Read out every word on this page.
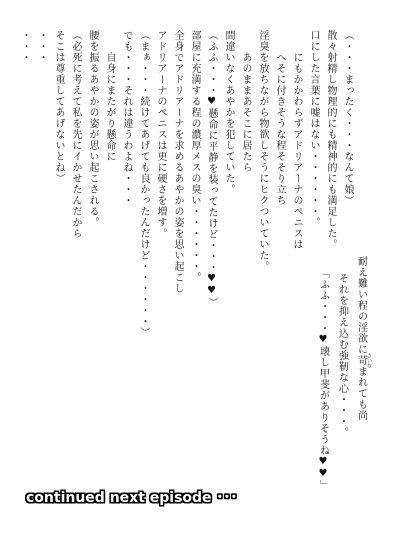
（・・・まったく・・・なんて娘）
散々射精し物理的にも精神的にも満足した。
口にした言葉に嘘はない・・・・・・。
にもかかわらずアドリアーナのペニスは
へそに付きそうな程そそり立ち
淫臭を放ちながら物欲しそうにヒクついていた。
あのままあそこに居たら
間違いなくあやかを犯していた。
（ふふ・・・♥懸命に平静を装ってたけど・・・♥♥）
部屋に充満する程の濃厚メスの臭い・・・・・・。
全身でアドリアーナを求めるあやかの姿を思い起こし
アドリアーナのペニスは更に硬さを増す。
（まぁ・・・続けてあげても良かったんだけど・・・・・・）
でも・・・それは違うわよね・・・
自身にまたがり懸命に
腰を振るあやかの姿が思い起こされる。
（必死に考えて私を先にイかせたんだから
そこは尊重してあげないとね）
・・・
・・・
耐え難い程の淫欲に苛 さいなまれても尚
それを抑え込む強靭な心・・・。
「ふふ・・・♥壊し甲斐がありそうね♥♥」
continued next episode ･･･
